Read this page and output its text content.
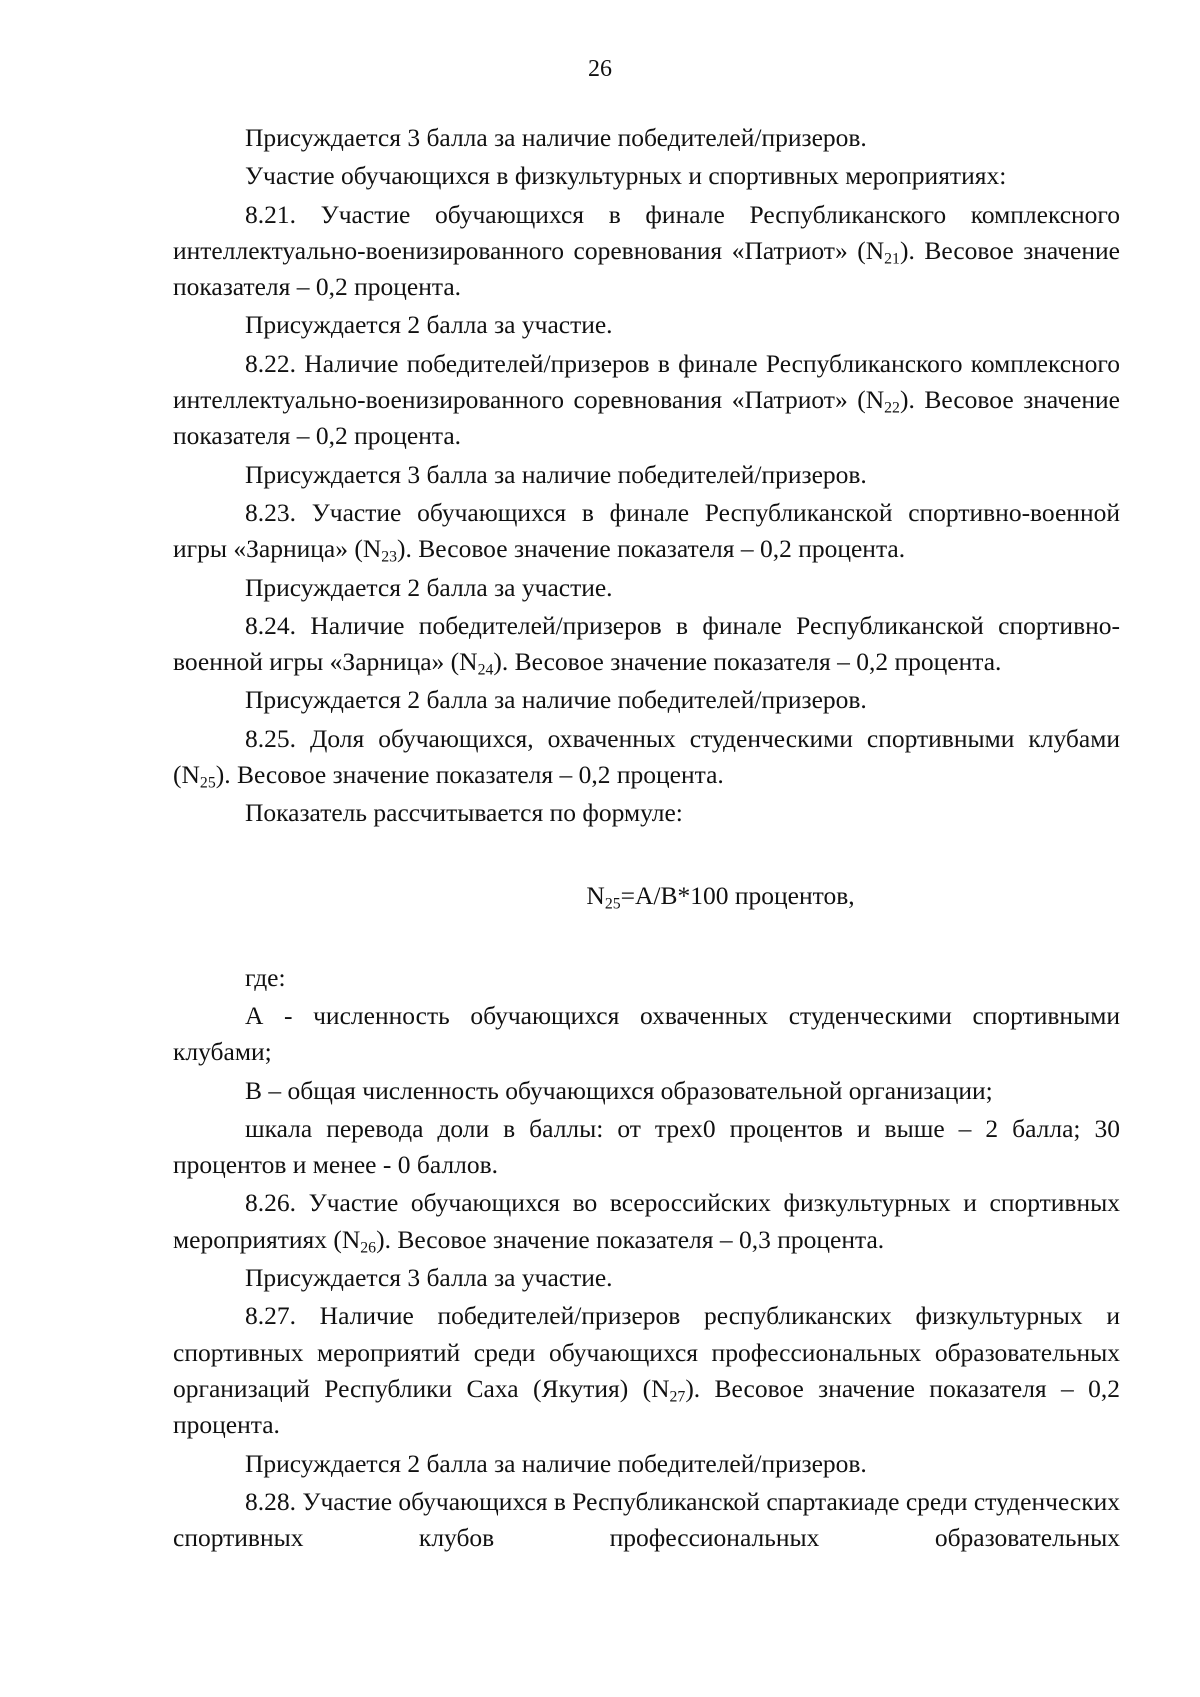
26

Присуждается 3 балла за наличие победителей/призеров.

Участие обучающихся в физкультурных и спортивных мероприятиях:

8.21. Участие обучающихся в финале Республиканского комплексного интеллектуально-военизированного соревнования «Патриот» $(N_{21})$. Весовое значение показателя – 0,2 процента.

Присуждается 2 балла за участие.

8.22. Наличие победителей/призеров в финале Республиканского комплексного интеллектуально-военизированного соревнования «Патриот» $(N_{22})$. Весовое значение показателя – 0,2 процента.

Присуждается 3 балла за наличие победителей/призеров.

8.23. Участие обучающихся в финале Республиканской спортивно-военной игры «Зарница» $(N_{23})$. Весовое значение показателя – 0,2 процента.

Присуждается 2 балла за участие.

8.24. Наличие победителей/призеров в финале Республиканской спортивно-военной игры «Зарница» $(N_{24})$. Весовое значение показателя – 0,2 процента.

Присуждается 2 балла за наличие победителей/призеров.

8.25. Доля обучающихся, охваченных студенческими спортивными клубами $(N_{25})$. Весовое значение показателя – 0,2 процента.

Показатель рассчитывается по формуле:

$N_{25}=A/B*100$ процентов,

где:

А - численность обучающихся охваченных студенческими спортивными клубами;

В – общая численность обучающихся образовательной организации;

шкала перевода доли в баллы: от трех0 процентов и выше – 2 балла; 30 процентов и менее - 0 баллов.

8.26. Участие обучающихся во всероссийских физкультурных и спортивных мероприятиях $(N_{26})$. Весовое значение показателя – 0,3 процента.

Присуждается 3 балла за участие.

8.27. Наличие победителей/призеров республиканских физкультурных и спортивных мероприятий среди обучающихся профессиональных образовательных организаций Республики Саха (Якутия) $(N_{27})$. Весовое значение показателя – 0,2 процента.

Присуждается 2 балла за наличие победителей/призеров.

8.28. Участие обучающихся в Республиканской спартакиаде среди студенческих спортивных клубов профессиональных образовательных
